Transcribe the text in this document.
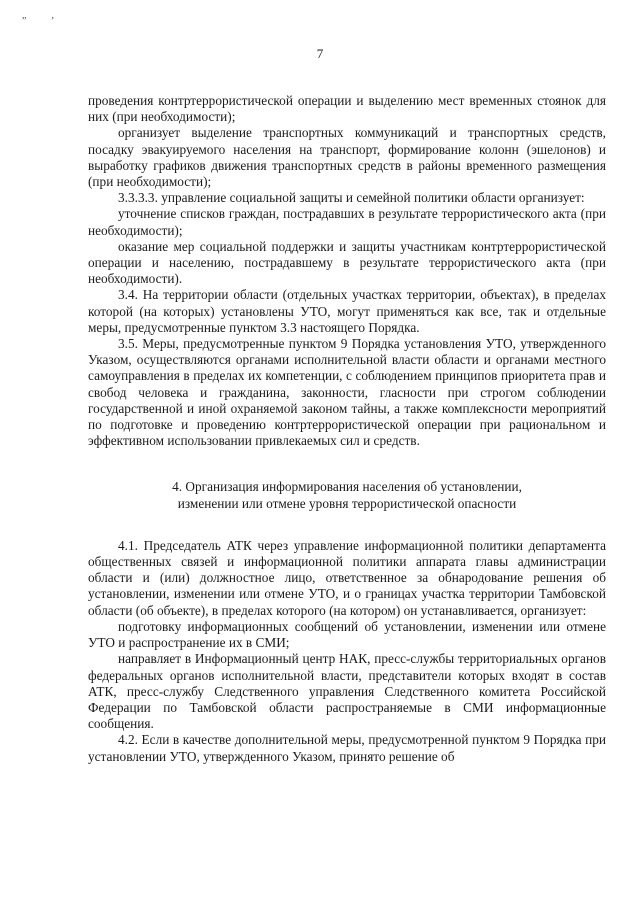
„ ‚
7

проведения контртеррористической операции и выделению мест временных стоянок для них (при необходимости);

организует выделение транспортных коммуникаций и транспортных средств, посадку эвакуируемого населения на транспорт, формирование колонн (эшелонов) и выработку графиков движения транспортных средств в районы временного размещения (при необходимости);

3.3.3.3. управление социальной защиты и семейной политики области организует:

уточнение списков граждан, пострадавших в результате террористического акта (при необходимости);

оказание мер социальной поддержки и защиты участникам контртеррористической операции и населению, пострадавшему в результате террористического акта (при необходимости).

3.4. На территории области (отдельных участках территории, объектах), в пределах которой (на которых) установлены УТО, могут применяться как все, так и отдельные меры, предусмотренные пунктом 3.3 настоящего Порядка.

3.5. Меры, предусмотренные пунктом 9 Порядка установления УТО, утвержденного Указом, осуществляются органами исполнительной власти области и органами местного самоуправления в пределах их компетенции, с соблюдением принципов приоритета прав и свобод человека и гражданина, законности, гласности при строгом соблюдении государственной и иной охраняемой законом тайны, а также комплексности мероприятий по подготовке и проведению контртеррористической операции при рациональном и эффективном использовании привлекаемых сил и средств.

4. Организация информирования населения об установлении,
изменении или отмене уровня террористической опасности

4.1. Председатель АТК через управление информационной политики департамента общественных связей и информационной политики аппарата главы администрации области и (или) должностное лицо, ответственное за обнародование решения об установлении, изменении или отмене УТО, и о границах участка территории Тамбовской области (об объекте), в пределах которого (на котором) он устанавливается, организует:

подготовку информационных сообщений об установлении, изменении или отмене УТО и распространение их в СМИ;

направляет в Информационный центр НАК, пресс-службы территориальных органов федеральных органов исполнительной власти, представители которых входят в состав АТК, пресс-службу Следственного управления Следственного комитета Российской Федерации по Тамбовской области распространяемые в СМИ информационные сообщения.

4.2. Если в качестве дополнительной меры, предусмотренной пунктом 9 Порядка при установлении УТО, утвержденного Указом, принято решение об
